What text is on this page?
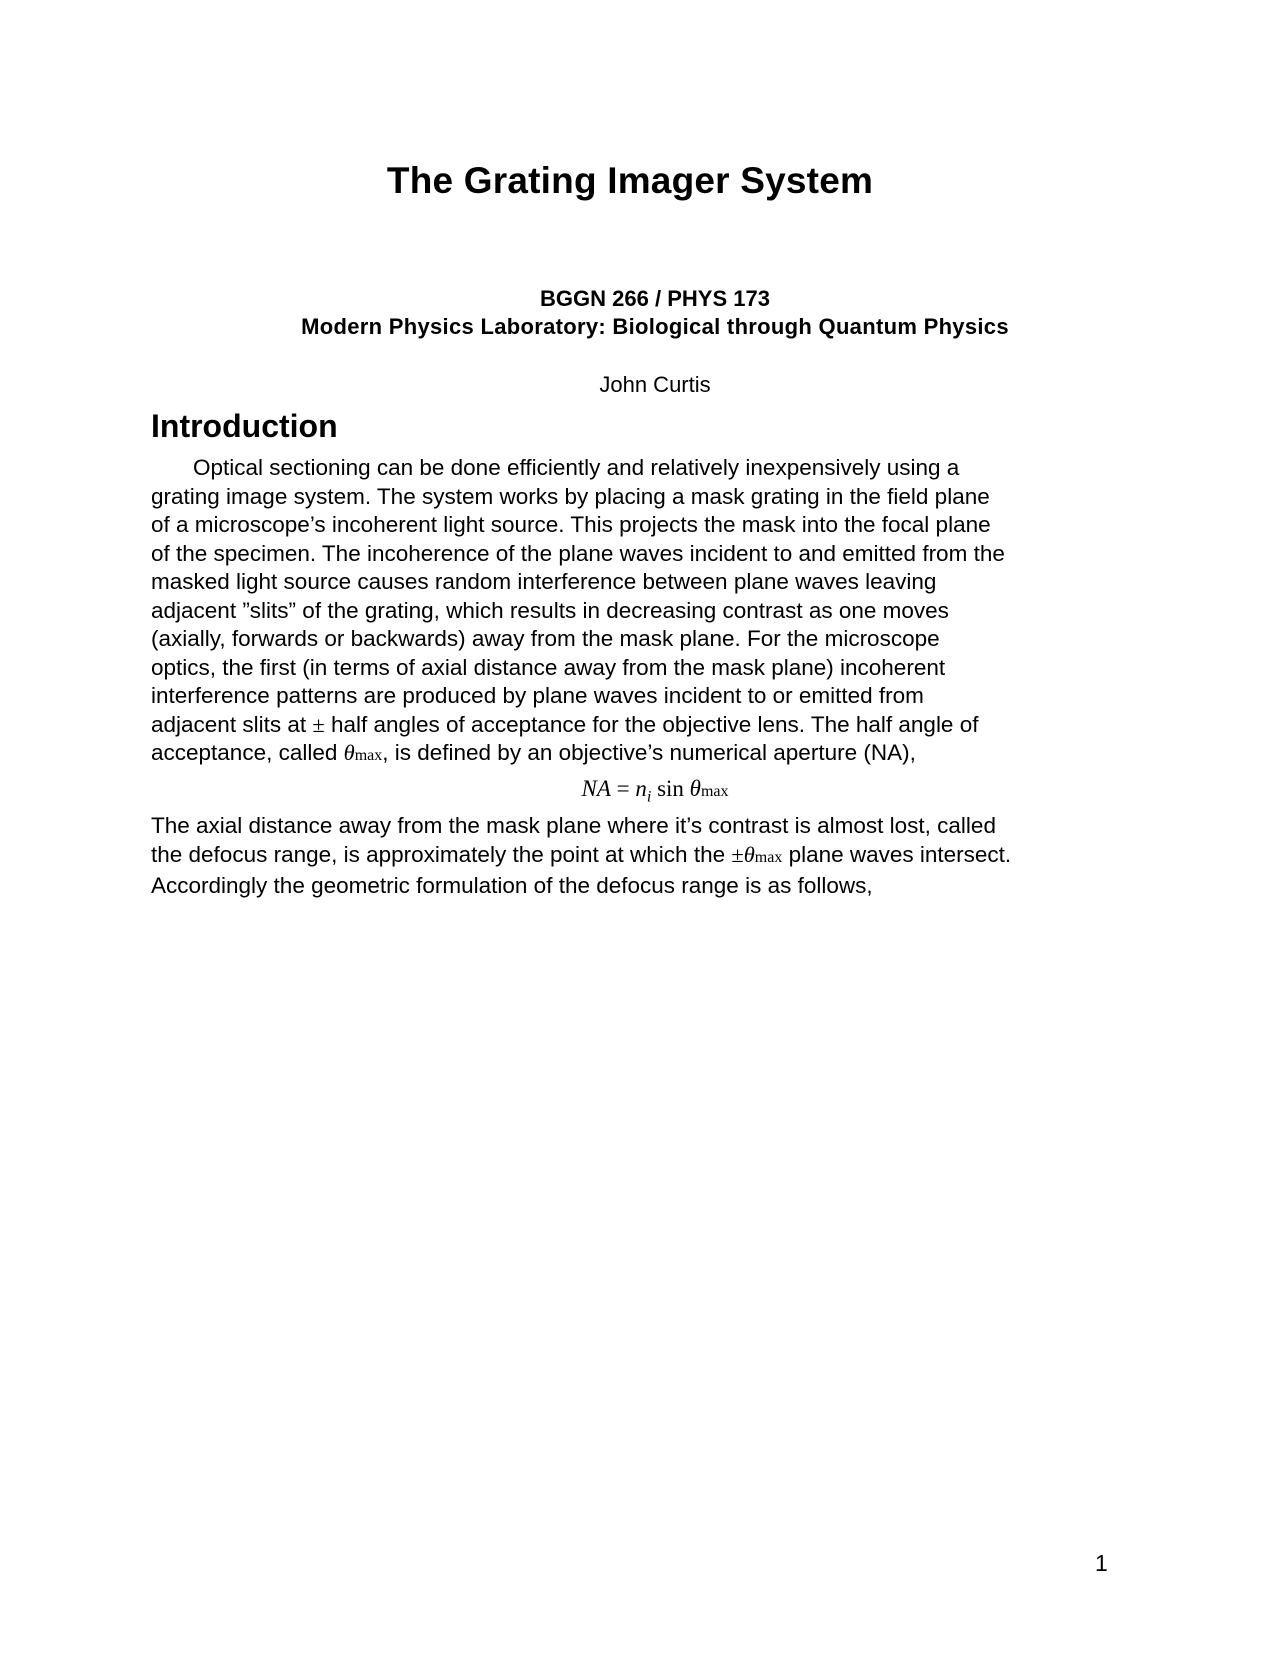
The Grating Imager System
BGGN 266 / PHYS 173
Modern Physics Laboratory: Biological through Quantum Physics
John Curtis
Introduction
Optical sectioning can be done efficiently and relatively inexpensively using a
grating image system. The system works by placing a mask grating in the field plane
of a microscope’s incoherent light source. This projects the mask into the focal plane
of the specimen. The incoherence of the plane waves incident to and emitted from the
masked light source causes random interference between plane waves leaving
adjacent ”slits” of the grating, which results in decreasing contrast as one moves
(axially, forwards or backwards) away from the mask plane. For the microscope
optics, the first (in terms of axial distance away from the mask plane) incoherent
interference patterns are produced by plane waves incident to or emitted from
adjacent slits at ± half angles of acceptance for the objective lens. The half angle of
acceptance, called θmax, is defined by an objective’s numerical aperture (NA),
NA = $n_i$ sin θmax
The axial distance away from the mask plane where it’s contrast is almost lost, called
the defocus range, is approximately the point at which the ±θmax plane waves intersect.
Accordingly the geometric formulation of the defocus range is as follows,
1
